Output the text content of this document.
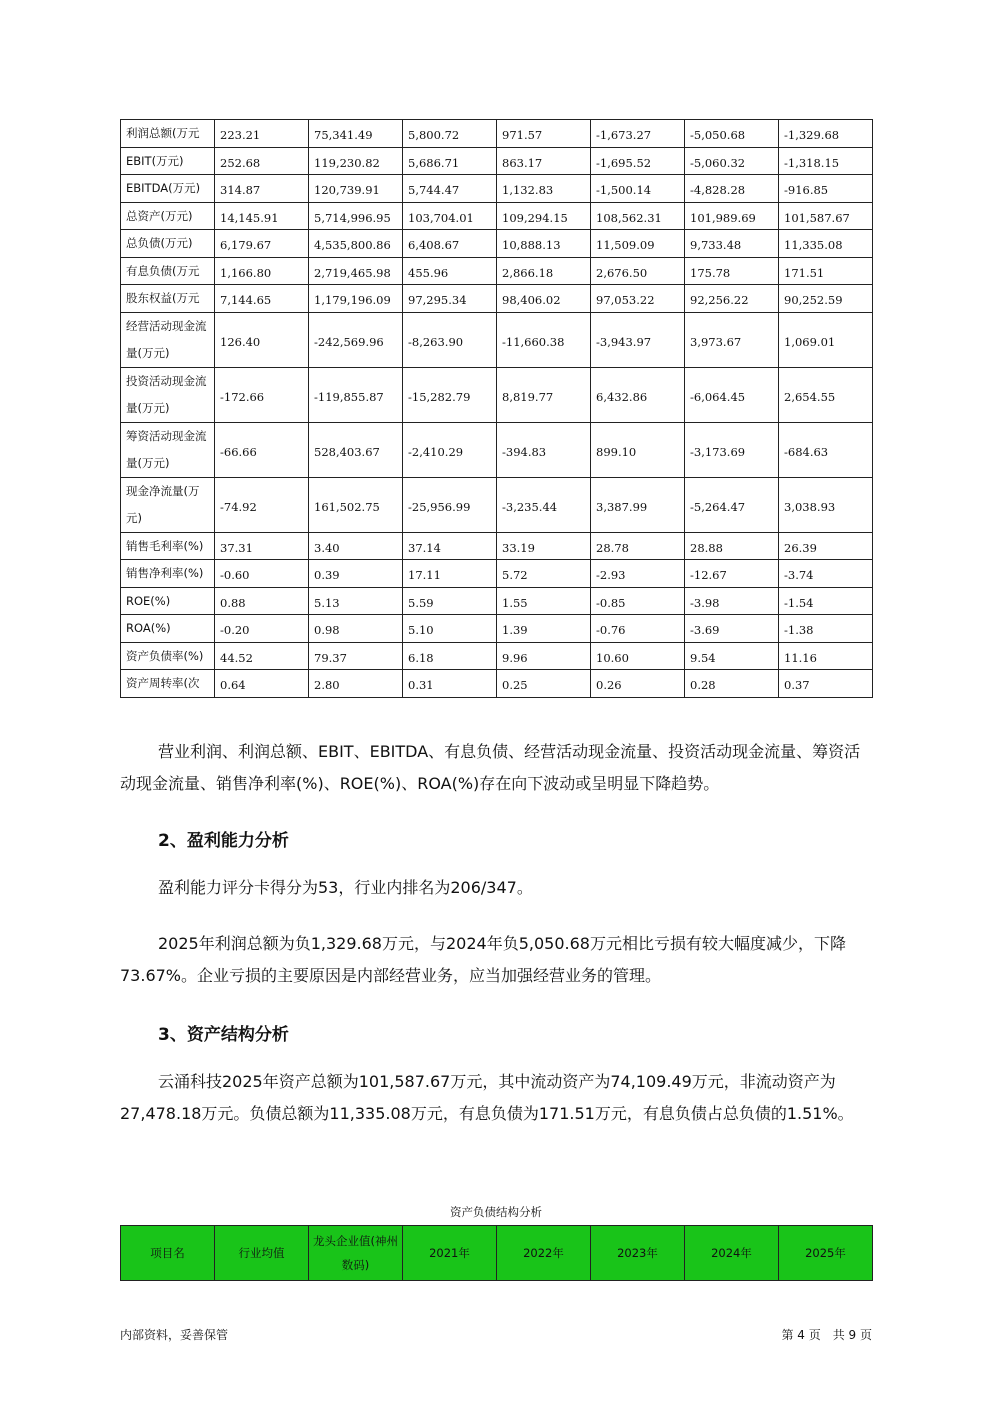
利润总额(万元	223.21	75,341.49	5,800.72	971.57	-1,673.27	-5,050.68	-1,329.68
EBIT(万元)	252.68	119,230.82	5,686.71	863.17	-1,695.52	-5,060.32	-1,318.15
EBITDA(万元)	314.87	120,739.91	5,744.47	1,132.83	-1,500.14	-4,828.28	-916.85
总资产(万元)	14,145.91	5,714,996.95	103,704.01	109,294.15	108,562.31	101,989.69	101,587.67
总负债(万元)	6,179.67	4,535,800.86	6,408.67	10,888.13	11,509.09	9,733.48	11,335.08
有息负债(万元	1,166.80	2,719,465.98	455.96	2,866.18	2,676.50	175.78	171.51
股东权益(万元	7,144.65	1,179,196.09	97,295.34	98,406.02	97,053.22	92,256.22	90,252.59
经营活动现金流量(万元)	126.40	-242,569.96	-8,263.90	-11,660.38	-3,943.97	3,973.67	1,069.01
投资活动现金流量(万元)	-172.66	-119,855.87	-15,282.79	8,819.77	6,432.86	-6,064.45	2,654.55
筹资活动现金流量(万元)	-66.66	528,403.67	-2,410.29	-394.83	899.10	-3,173.69	-684.63
现金净流量(万元)	-74.92	161,502.75	-25,956.99	-3,235.44	3,387.99	-5,264.47	3,038.93
销售毛利率(%)	37.31	3.40	37.14	33.19	28.78	28.88	26.39
销售净利率(%)	-0.60	0.39	17.11	5.72	-2.93	-12.67	-3.74
ROE(%)	0.88	5.13	5.59	1.55	-0.85	-3.98	-1.54
ROA(%)	-0.20	0.98	5.10	1.39	-0.76	-3.69	-1.38
资产负债率(%)	44.52	79.37	6.18	9.96	10.60	9.54	11.16
资产周转率(次	0.64	2.80	0.31	0.25	0.26	0.28	0.37
营业利润、利润总额、EBIT、EBITDA、有息负债、经营活动现金流量、投资活动现金流量、筹资活动现金流量、销售净利率(%)、ROE(%)、ROA(%)存在向下波动或呈明显下降趋势。
2、盈利能力分析
盈利能力评分卡得分为53，行业内排名为206/347。
2025年利润总额为负1,329.68万元，与2024年负5,050.68万元相比亏损有较大幅度减少，下降73.67%。企业亏损的主要原因是内部经营业务，应当加强经营业务的管理。
3、资产结构分析
云涌科技2025年资产总额为101,587.67万元，其中流动资产为74,109.49万元，非流动资产为27,478.18万元。负债总额为11,335.08万元，有息负债为171.51万元，有息负债占总负债的1.51%。
资产负债结构分析
项目名	行业均值	龙头企业值(神州数码)	2021年	2022年	2023年	2024年	2025年
内部资料，妥善保管	第 4 页　共 9 页
